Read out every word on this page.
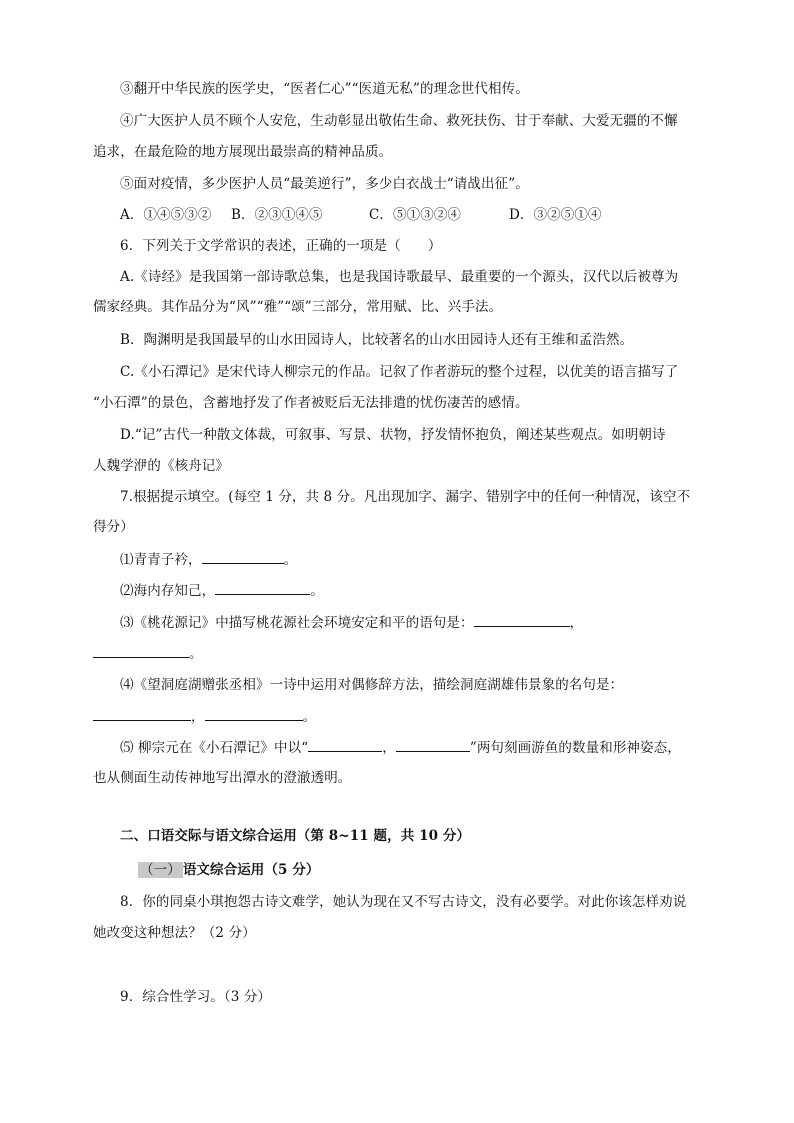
③翻开中华民族的医学史，“医者仁心”“医道无私”的理念世代相传。
④广大医护人员不顾个人安危，生动彰显出敬佑生命、救死扶伤、甘于奉献、大爱无疆的不懈
追求，在最危险的地方展现出最崇高的精神品质。
⑤面对疫情，多少医护人员“最美逆行”，多少白衣战士“请战出征”。
A．①④⑤③② B．②③①④⑤	C．⑤①③②④	D．③②⑤①④
6．下列关于文学常识的表述，正确的一项是（　　）
A.《诗经》是我国第一部诗歌总集，也是我国诗歌最早、最重要的一个源头，汉代以后被尊为
儒家经典。其作品分为“风”“雅”“颂”三部分，常用赋、比、兴手法。
B．陶渊明是我国最早的山水田园诗人，比较著名的山水田园诗人还有王维和孟浩然。
C.《小石潭记》是宋代诗人柳宗元的作品。记叙了作者游玩的整个过程，以优美的语言描写了
“小石潭”的景色，含蓄地抒发了作者被贬后无法排遣的忧伤凄苦的感情。
D.“记”古代一种散文体裁，可叙事、写景、状物，抒发情怀抱负，阐述某些观点。如明朝诗
人魏学洢的《核舟记》
7.根据提示填空。(每空 1 分，共 8 分。凡出现加字、漏字、错别字中的任何一种情况，该空不
得分）
⑴青青子衿，	。
⑵海内存知己，	。
⑶《桃花源记》中描写桃花源社会环境安定和平的语句是：	，
。
⑷《望洞庭湖赠张丞相》一诗中运用对偶修辞方法，描绘洞庭湖雄伟景象的名句是：
，	。
⑸ 柳宗元在《小石潭记》中以“	，	”两句刻画游鱼的数量和形神姿态，
也从侧面生动传神地写出潭水的澄澈透明。
二、口语交际与语文综合运用（第 8~11 题，共 10 分）
（一） 语文综合运用（5 分）
8．你的同桌小琪抱怨古诗文难学，她认为现在又不写古诗文，没有必要学。对此你该怎样劝说
她改变这种想法？（2 分）
9．综合性学习。（3 分）
